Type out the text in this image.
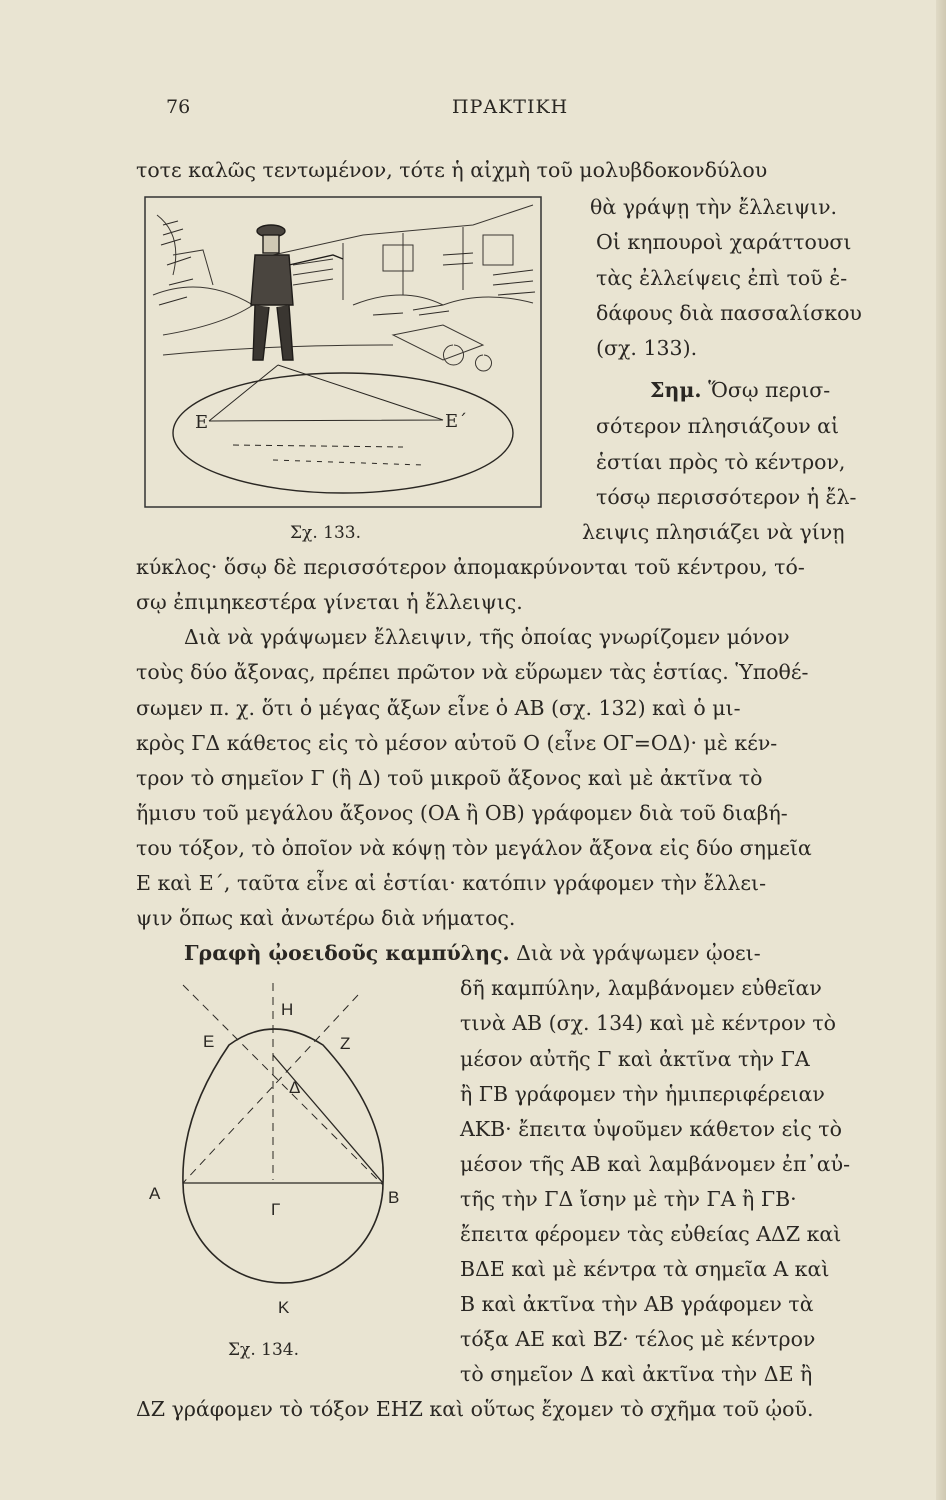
76	ΠΡΑΚΤΙΚΗ
E	E΄
Σχ. 133.
Η
Ε	Ζ
Δ
Α	Β
Γ
Κ
Σχ. 134.
τοτε καλῶς τεντωμένον, τότε ἡ αἰχμὴ τοῦ μολυβδοκονδύλου
θὰ γράψῃ τὴν ἔλλειψιν.
Οἱ κηπουροὶ χαράττουσι
τὰς ἐλλείψεις ἐπὶ τοῦ ἐ-
δάφους διὰ πασσαλίσκου
(σχ. 133).
Σημ. Ὅσῳ περισ-
σότερον πλησιάζουν αἱ
ἑστίαι πρὸς τὸ κέντρον,
τόσῳ περισσότερον ἡ ἔλ-
λειψις πλησιάζει νὰ γίνῃ
κύκλος· ὅσῳ δὲ περισσότερον ἀπομακρύνονται τοῦ κέντρου, τό-
σῳ ἐπιμηκεστέρα γίνεται ἡ ἔλλειψις.
Διὰ νὰ γράψωμεν ἔλλειψιν, τῆς ὁποίας γνωρίζομεν μόνον
τοὺς δύο ἄξονας, πρέπει πρῶτον νὰ εὕρωμεν τὰς ἑστίας. Ὑποθέ-
σωμεν π. χ. ὅτι ὁ μέγας ἄξων εἶνε ὁ ΑΒ (σχ. 132) καὶ ὁ μι-
κρὸς ΓΔ κάθετος εἰς τὸ μέσον αὐτοῦ Ο (εἶνε ΟΓ=ΟΔ)· μὲ κέν-
τρον τὸ σημεῖον Γ (ἢ Δ) τοῦ μικροῦ ἄξονος καὶ μὲ ἀκτῖνα τὸ
ἥμισυ τοῦ μεγάλου ἄξονος (ΟΑ ἢ ΟΒ) γράφομεν διὰ τοῦ διαβή-
του τόξον, τὸ ὁποῖον νὰ κόψῃ τὸν μεγάλον ἄξονα εἰς δύο σημεῖα
Ε καὶ Ε΄, ταῦτα εἶνε αἱ ἑστίαι· κατόπιν γράφομεν τὴν ἔλλει-
ψιν ὅπως καὶ ἀνωτέρω διὰ νήματος.
Γραφὴ ᾠοειδοῦς καμπύλης. Διὰ νὰ γράψωμεν ᾠοει-
δῆ καμπύλην, λαμβάνομεν εὐθεῖαν
τινὰ ΑΒ (σχ. 134) καὶ μὲ κέντρον τὸ
μέσον αὐτῆς Γ καὶ ἀκτῖνα τὴν ΓΑ
ἢ ΓΒ γράφομεν τὴν ἡμιπεριφέρειαν
ΑΚΒ· ἔπειτα ὑψοῦμεν κάθετον εἰς τὸ
μέσον τῆς ΑΒ καὶ λαμβάνομεν ἐπ᾽αὐ-
τῆς τὴν ΓΔ ἴσην μὲ τὴν ΓΑ ἢ ΓΒ·
ἔπειτα φέρομεν τὰς εὐθείας ΑΔΖ καὶ
ΒΔΕ καὶ μὲ κέντρα τὰ σημεῖα Α καὶ
Β καὶ ἀκτῖνα τὴν ΑΒ γράφομεν τὰ
τόξα ΑΕ καὶ ΒΖ· τέλος μὲ κέντρον
τὸ σημεῖον Δ καὶ ἀκτῖνα τὴν ΔΕ ἢ
ΔΖ γράφομεν τὸ τόξον ΕΗΖ καὶ οὕτως ἔχομεν τὸ σχῆμα τοῦ ᾠοῦ.
